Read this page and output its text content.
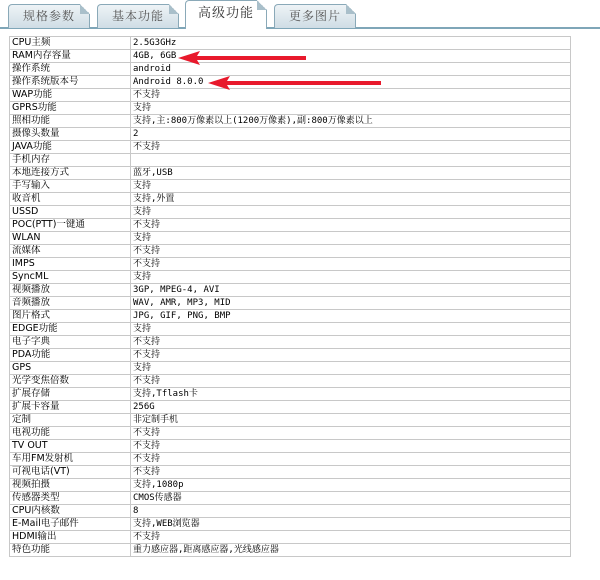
规格参数	基本功能	高级功能	更多图片
CPU主频	2.5G3GHz
RAM内存容量	4GB, 6GB
操作系统	android
操作系统版本号	Android 8.0.0
WAP功能	不支持
GPRS功能	支持
照相功能	支持,主:800万像素以上(1200万像素),副:800万像素以上
摄像头数量	2
JAVA功能	不支持
手机内存	
本地连接方式	蓝牙,USB
手写输入	支持
收音机	支持,外置
USSD	支持
POC(PTT)一键通	不支持
WLAN	支持
流媒体	不支持
IMPS	不支持
SyncML	支持
视频播放	3GP, MPEG-4, AVI
音频播放	WAV, AMR, MP3, MID
图片格式	JPG, GIF, PNG, BMP
EDGE功能	支持
电子字典	不支持
PDA功能	不支持
GPS	支持
光学变焦倍数	不支持
扩展存储	支持,Tflash卡
扩展卡容量	256G
定制	非定制手机
电视功能	不支持
TV OUT	不支持
车用FM发射机	不支持
可视电话(VT)	不支持
视频拍摄	支持,1080p
传感器类型	CMOS传感器
CPU内核数	8
E-Mail电子邮件	支持,WEB浏览器
HDMI输出	不支持
特色功能	重力感应器,距离感应器,光线感应器
